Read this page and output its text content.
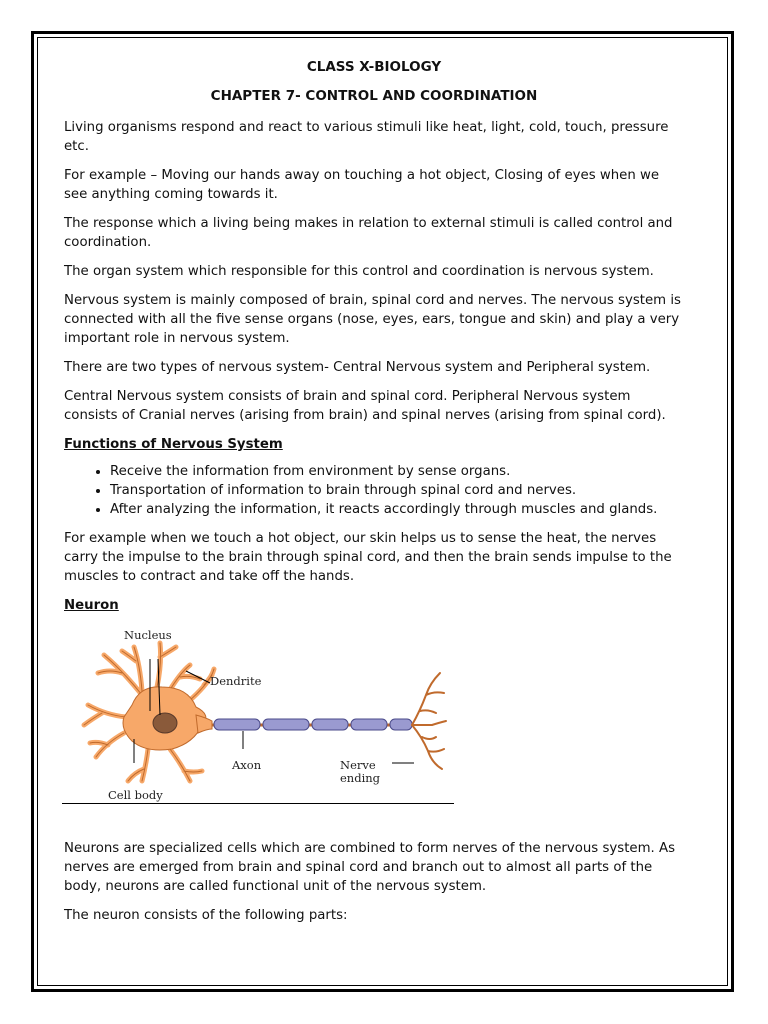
CLASS X-BIOLOGY
CHAPTER 7- CONTROL AND COORDINATION

Living organisms respond and react to various stimuli like heat, light, cold, touch, pressure etc.

For example – Moving our hands away on touching a hot object, Closing of eyes when we see anything coming towards it.

The response which a living being makes in relation to external stimuli is called control and coordination.

The organ system which responsible for this control and coordination is nervous system.

Nervous system is mainly composed of brain, spinal cord and nerves. The nervous system is connected with all the five sense organs (nose, eyes, ears, tongue and skin) and play a very important role in nervous system.

There are two types of nervous system- Central Nervous system and Peripheral system.

Central Nervous system consists of brain and spinal cord. Peripheral Nervous system consists of Cranial nerves (arising from brain) and spinal nerves (arising from spinal cord).

Functions of Nervous System
• Receive the information from environment by sense organs.
• Transportation of information to brain through spinal cord and nerves.
• After analyzing the information, it reacts accordingly through muscles and glands.

For example when we touch a hot object, our skin helps us to sense the heat, the nerves carry the impulse to the brain through spinal cord, and then the brain sends impulse to the muscles to contract and take off the hands.

Neuron
Nucleus
Dendrite
Axon	Nerve
ending
Cell body

Neurons are specialized cells which are combined to form nerves of the nervous system. As nerves are emerged from brain and spinal cord and branch out to almost all parts of the body, neurons are called functional unit of the nervous system.

The neuron consists of the following parts:
